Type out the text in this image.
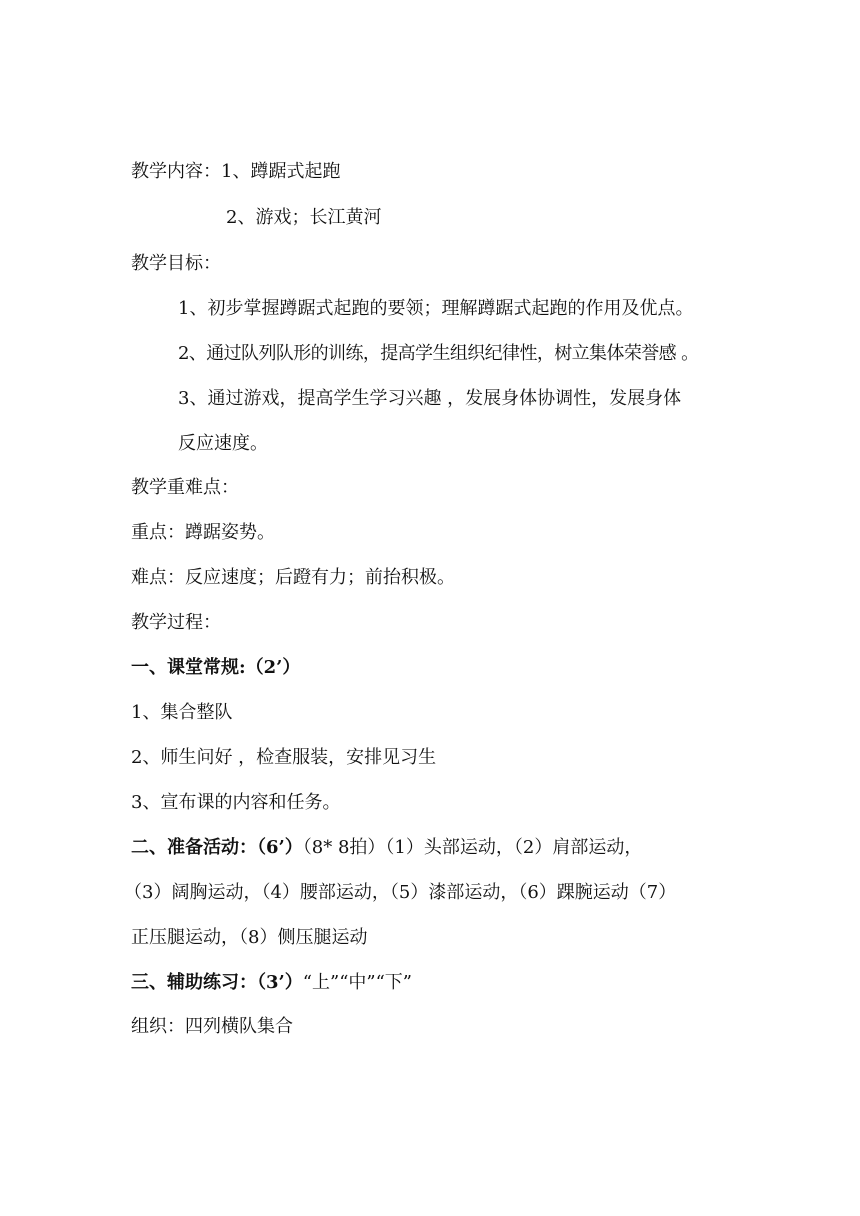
教学内容：1、蹲踞式起跑
2、游戏；长江黄河
教学目标：
1、初步掌握蹲踞式起跑的要领；理解蹲踞式起跑的作用及优点。
2、通过队列队形的训练，提高学生组织纪律性，树立集体荣誉感 。
3、通过游戏，提高学生学习兴趣 ，发展身体协调性，发展身体
反应速度。
教学重难点：
重点：蹲踞姿势。
难点：反应速度；后蹬有力；前抬积极。
教学过程：
一、课堂常规:（2’）
1、集合整队
2、师生问好 ，检查服装，安排见习生
3、宣布课的内容和任务。
二、准备活动：（6’）（8* 8拍）（1）头部运动，（2）肩部运动，
（3）阔胸运动，（4）腰部运动，（5）漆部运动，（6）踝腕运动（7）
正压腿运动，（8）侧压腿运动
三、辅助练习：（3’）“上”“中”“下”
组织：四列横队集合
